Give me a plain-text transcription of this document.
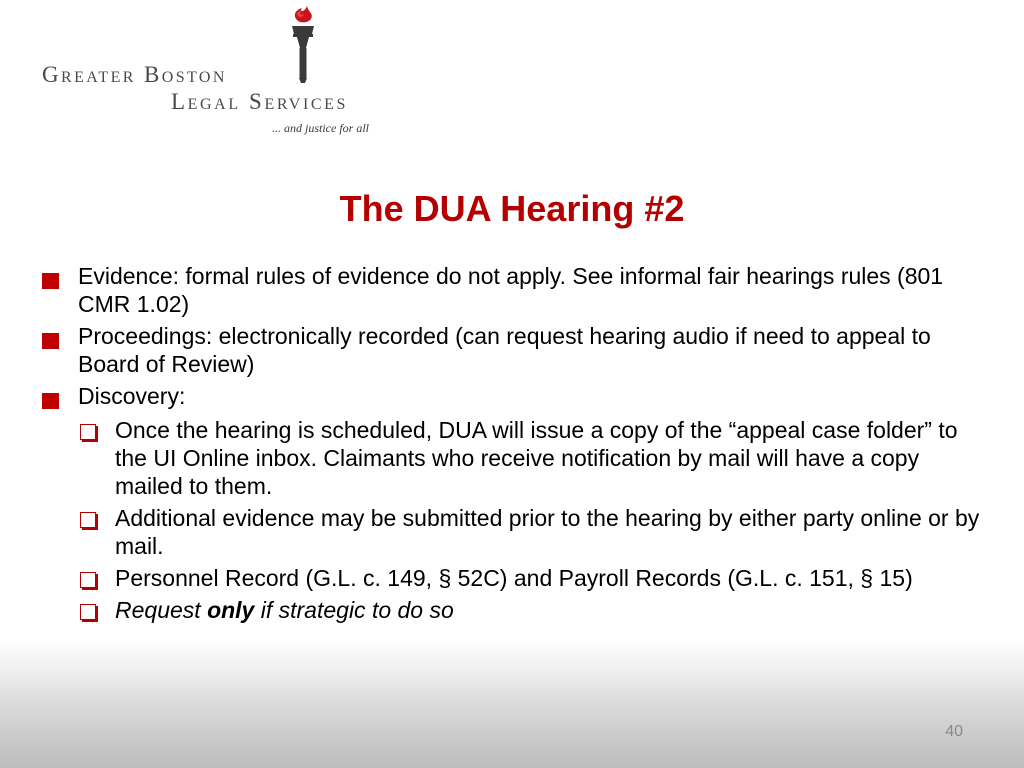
Greater Boston
Legal Services
... and justice for all
The DUA Hearing #2
Evidence: formal rules of evidence do not apply. See informal fair hearings rules (801 CMR 1.02)
Proceedings: electronically recorded (can request hearing audio if need to appeal to Board of Review)
Discovery:
Once the hearing is scheduled, DUA will issue a copy of the “appeal case folder” to the UI Online inbox. Claimants who receive notification by mail will have a copy mailed to them.
Additional evidence may be submitted prior to the hearing by either party online or by mail.
Personnel Record (G.L. c. 149, § 52C) and Payroll Records (G.L. c. 151, § 15)
Request only if strategic to do so
40
